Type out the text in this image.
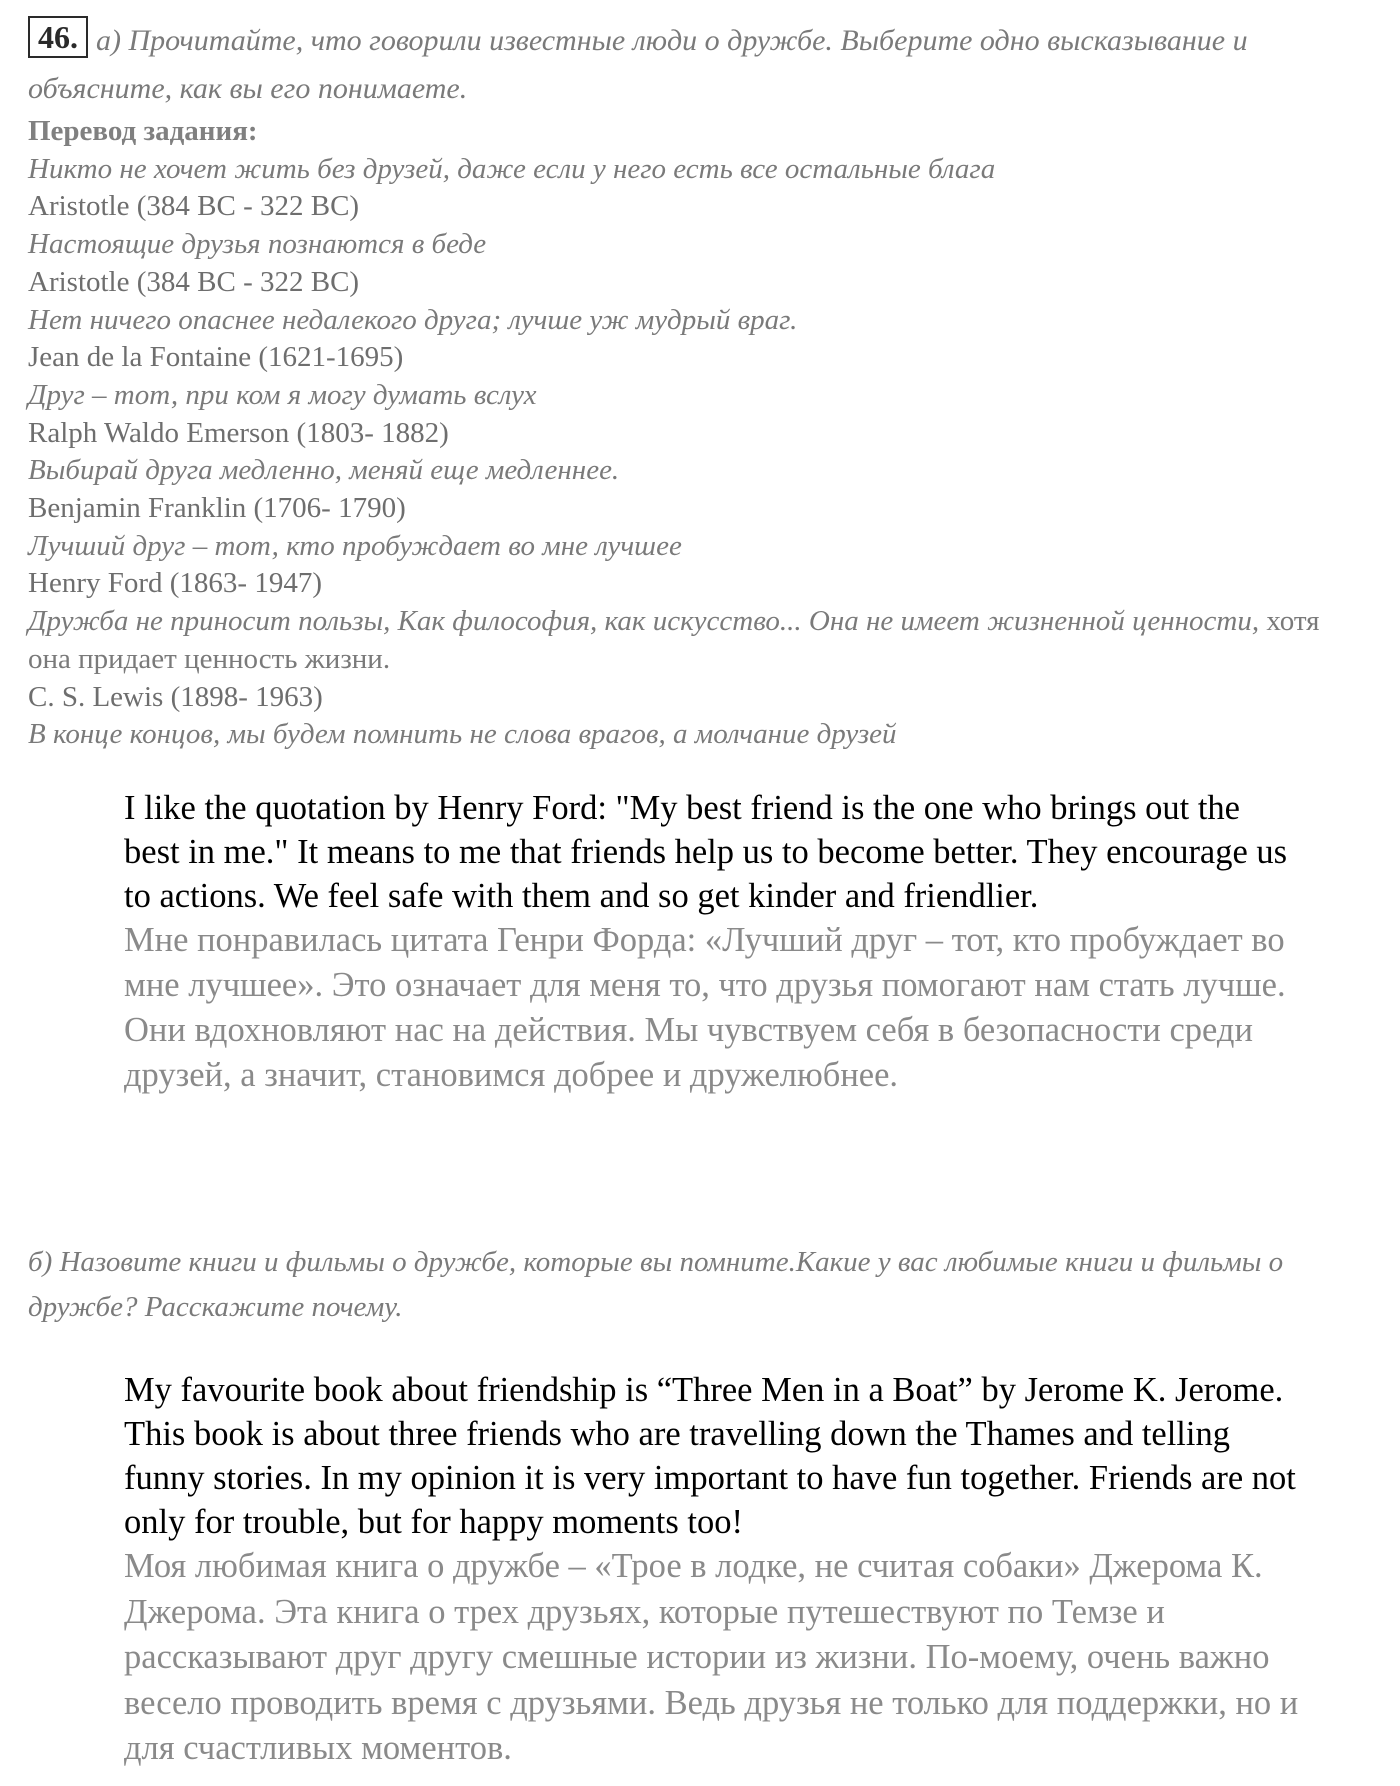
46. а) Прочитайте, что говорили известные люди о дружбе. Выберите одно высказывание и объясните, как вы его понимаете.

Перевод задания:

Никто не хочет жить без друзей, даже если у него есть все остальные блага

Aristotle (384 BC - 322 BC)

Настоящие друзья познаются в беде

Aristotle (384 BC - 322 BC)

Нет ничего опаснее недалекого друга; лучше уж мудрый враг.

Jean de la Fontaine (1621-1695)

Друг – тот, при ком я могу думать вслух

Ralph Waldo Emerson (1803- 1882)

Выбирай друга медленно, меняй еще медленнее.

Benjamin Franklin (1706- 1790)

Лучший друг – тот, кто пробуждает во мне лучшее

Henry Ford (1863- 1947)

Дружба не приносит пользы, Как философия, как искусство... Она не имеет жизненной ценности, хотя она придает ценность жизни.

C. S. Lewis (1898- 1963)

В конце концов, мы будем помнить не слова врагов, а молчание друзей

I like the quotation by Henry Ford: "My best friend is the one who brings out the best in me." It means to me that friends help us to become better. They encourage us to actions. We feel safe with them and so get kinder and friendlier.

Мне понравилась цитата Генри Форда: «Лучший друг – тот, кто пробуждает во мне лучшее». Это означает для меня то, что друзья помогают нам стать лучше. Они вдохновляют нас на действия. Мы чувствуем себя в безопасности среди друзей, а значит, становимся добрее и дружелюбнее.

б) Назовите книги и фильмы о дружбе, которые вы помните.Какие у вас любимые книги и фильмы о дружбе? Расскажите почему.

My favourite book about friendship is “Three Men in a Boat” by Jerome K. Jerome. This book is about three friends who are travelling down the Thames and telling funny stories. In my opinion it is very important to have fun together. Friends are not only for trouble, but for happy moments too!

Моя любимая книга о дружбе – «Трое в лодке, не считая собаки» Джерома К. Джерома. Эта книга о трех друзьях, которые путешествуют по Темзе и рассказывают друг другу смешные истории из жизни. По-моему, очень важно весело проводить время с друзьями. Ведь друзья не только для поддержки, но и для счастливых моментов.
